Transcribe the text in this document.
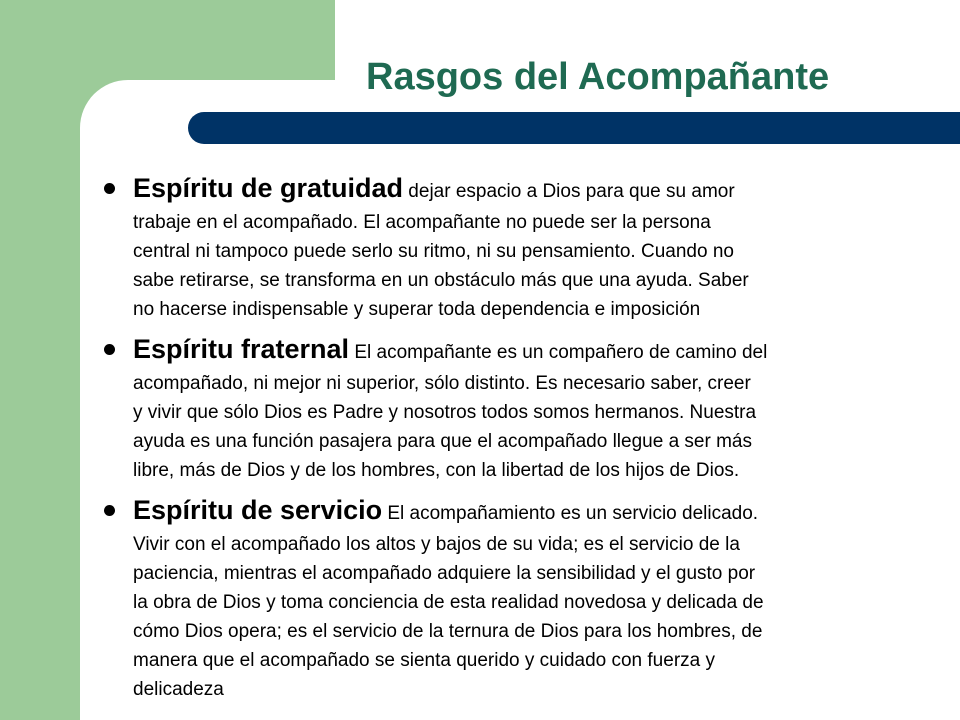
Rasgos del Acompañante
Espíritu de gratuidad dejar espacio a Dios para que su amor
trabaje en el acompañado. El acompañante no puede ser la persona
central ni tampoco puede serlo su ritmo, ni su pensamiento. Cuando no
sabe retirarse, se transforma en un obstáculo más que una ayuda. Saber
no hacerse indispensable y superar toda dependencia e imposición
Espíritu fraternal El acompañante es un compañero de camino del
acompañado, ni mejor ni superior, sólo distinto. Es necesario saber, creer
y vivir que sólo Dios es Padre y nosotros todos somos hermanos. Nuestra
ayuda es una función pasajera para que el acompañado llegue a ser más
libre, más de Dios y de los hombres, con la libertad de los hijos de Dios.
Espíritu de servicio El acompañamiento es un servicio delicado.
Vivir con el acompañado los altos y bajos de su vida; es el servicio de la
paciencia, mientras el acompañado adquiere la sensibilidad y el gusto por
la obra de Dios y toma conciencia de esta realidad novedosa y delicada de
cómo Dios opera; es el servicio de la ternura de Dios para los hombres, de
manera que el acompañado se sienta querido y cuidado con fuerza y
delicadeza
